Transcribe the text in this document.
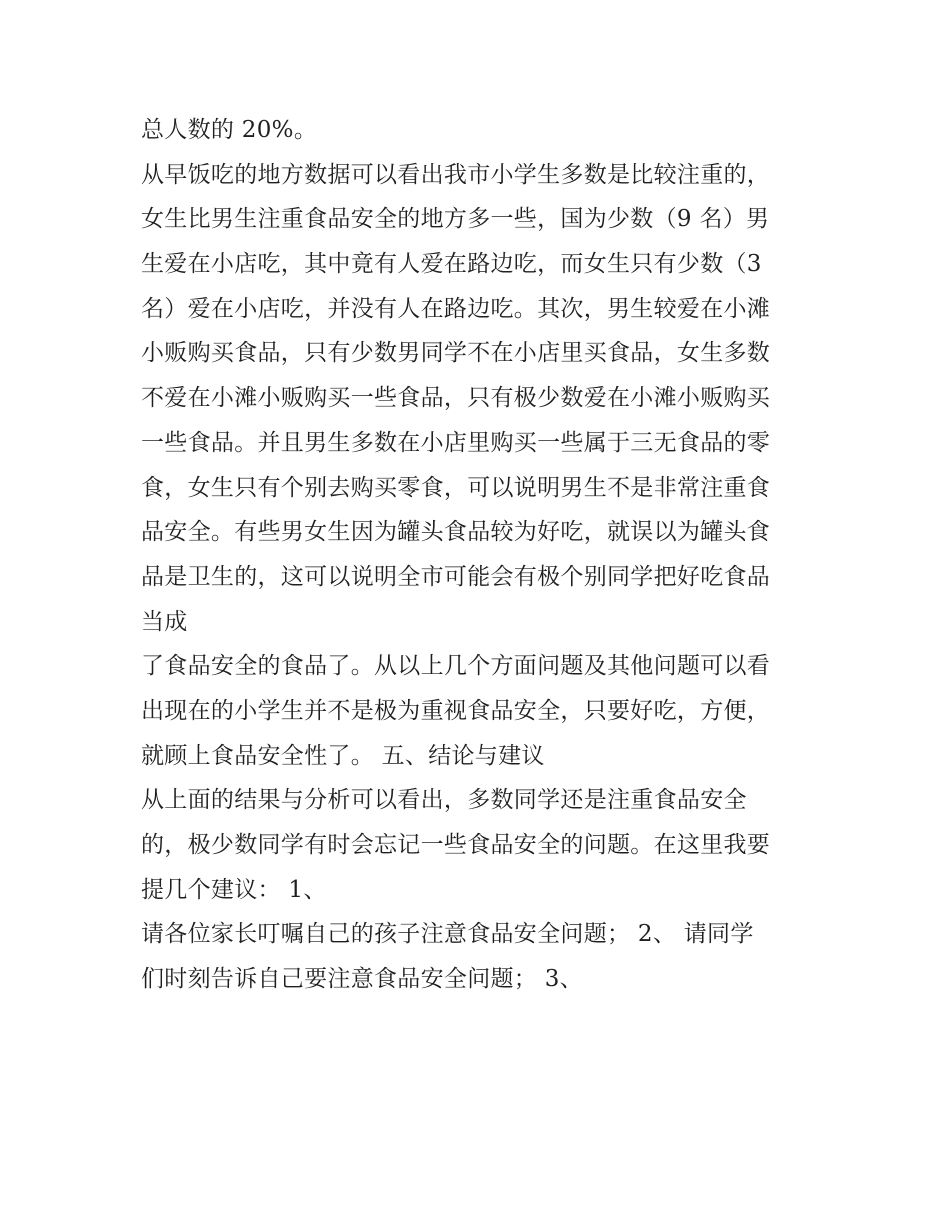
总人数的 20%。
从早饭吃的地方数据可以看出我市小学生多数是比较注重的，
女生比男生注重食品安全的地方多一些，国为少数（9 名）男
生爱在小店吃，其中竟有人爱在路边吃，而女生只有少数（3
名）爱在小店吃，并没有人在路边吃。其次，男生较爱在小滩
小贩购买食品，只有少数男同学不在小店里买食品，女生多数
不爱在小滩小贩购买一些食品，只有极少数爱在小滩小贩购买
一些食品。并且男生多数在小店里购买一些属于三无食品的零
食，女生只有个别去购买零食，可以说明男生不是非常注重食
品安全。有些男女生因为罐头食品较为好吃，就误以为罐头食
品是卫生的，这可以说明全市可能会有极个别同学把好吃食品
当成
了食品安全的食品了。从以上几个方面问题及其他问题可以看
出现在的小学生并不是极为重视食品安全，只要好吃，方便，
就顾上食品安全性了。 五、结论与建议
从上面的结果与分析可以看出，多数同学还是注重食品安全
的，极少数同学有时会忘记一些食品安全的问题。在这里我要
提几个建议： 1、
请各位家长叮嘱自己的孩子注意食品安全问题； 2、 请同学
们时刻告诉自己要注意食品安全问题； 3、
